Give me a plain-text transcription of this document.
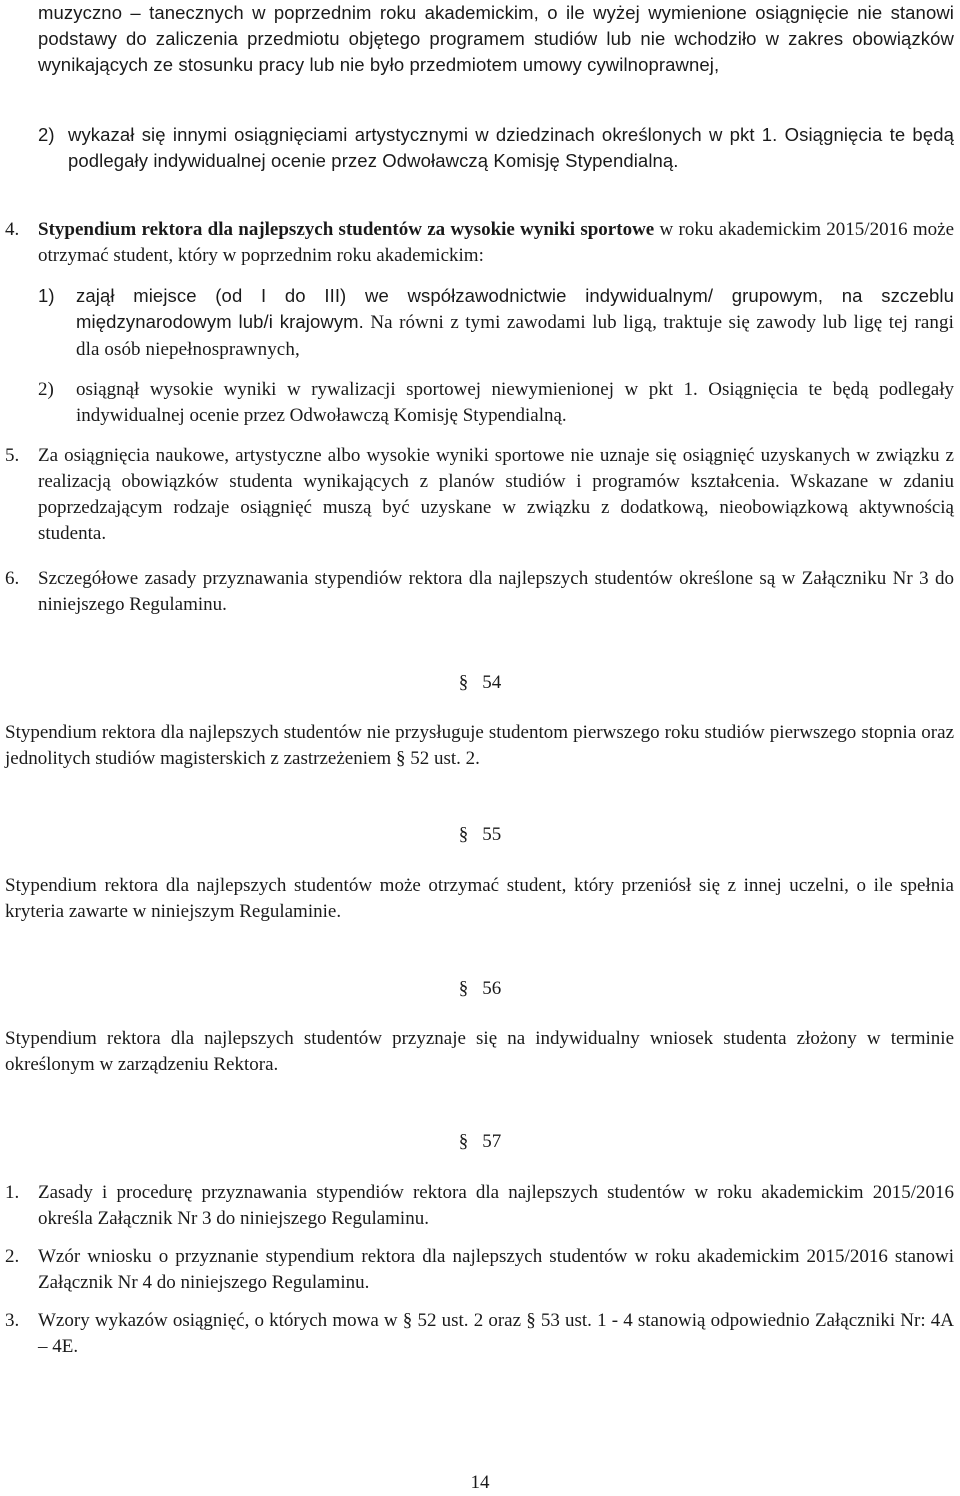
muzyczno – tanecznych w poprzednim roku akademickim, o ile wyżej wymienione osiągnięcie nie stanowi podstawy do zaliczenia przedmiotu objętego programem studiów lub nie wchodziło w zakres obowiązków wynikających ze stosunku pracy lub nie było przedmiotem umowy cywilnoprawnej,
2) wykazał się innymi osiągnięciami artystycznymi w dziedzinach określonych w pkt 1. Osiągnięcia te będą podlegały indywidualnej ocenie przez Odwoławczą Komisję Stypendialną.
4. Stypendium rektora dla najlepszych studentów za wysokie wyniki sportowe w roku akademickim 2015/2016 może otrzymać student, który w poprzednim roku akademickim:
1)	zajął miejsce (od I do III) we współzawodnictwie indywidualnym/ grupowym, na szczeblu międzynarodowym lub/i krajowym. Na równi z tymi zawodami lub ligą, traktuje się zawody lub ligę tej rangi dla osób niepełnosprawnych,
2)	osiągnął wysokie wyniki w rywalizacji sportowej niewymienionej w pkt 1. Osiągnięcia te będą podlegały indywidualnej ocenie przez Odwoławczą Komisję Stypendialną.
5. Za osiągnięcia naukowe, artystyczne albo wysokie wyniki sportowe nie uznaje się osiągnięć uzyskanych w związku z realizacją obowiązków studenta wynikających z planów studiów i programów kształcenia. Wskazane w zdaniu poprzedzającym rodzaje osiągnięć muszą być uzyskane w związku z dodatkową, nieobowiązkową aktywnością studenta.
6. Szczegółowe zasady przyznawania stypendiów rektora dla najlepszych studentów określone są w Załączniku Nr 3 do niniejszego Regulaminu.
§ 54
Stypendium rektora dla najlepszych studentów nie przysługuje studentom pierwszego roku studiów pierwszego stopnia oraz jednolitych studiów magisterskich z zastrzeżeniem § 52 ust. 2.
§ 55
Stypendium rektora dla najlepszych studentów może otrzymać student, który przeniósł się z innej uczelni, o ile spełnia kryteria zawarte w niniejszym Regulaminie.
§ 56
Stypendium rektora dla najlepszych studentów przyznaje się na indywidualny wniosek studenta złożony w terminie określonym w zarządzeniu Rektora.
§ 57
1. Zasady i procedurę przyznawania stypendiów rektora dla najlepszych studentów w roku akademickim 2015/2016 określa Załącznik Nr 3 do niniejszego Regulaminu.
2. Wzór wniosku o przyznanie stypendium rektora dla najlepszych studentów w roku akademickim 2015/2016 stanowi Załącznik Nr 4 do niniejszego Regulaminu.
3. Wzory wykazów osiągnięć, o których mowa w § 52 ust. 2 oraz § 53 ust. 1 - 4 stanowią odpowiednio Załączniki Nr: 4A – 4E.
14
